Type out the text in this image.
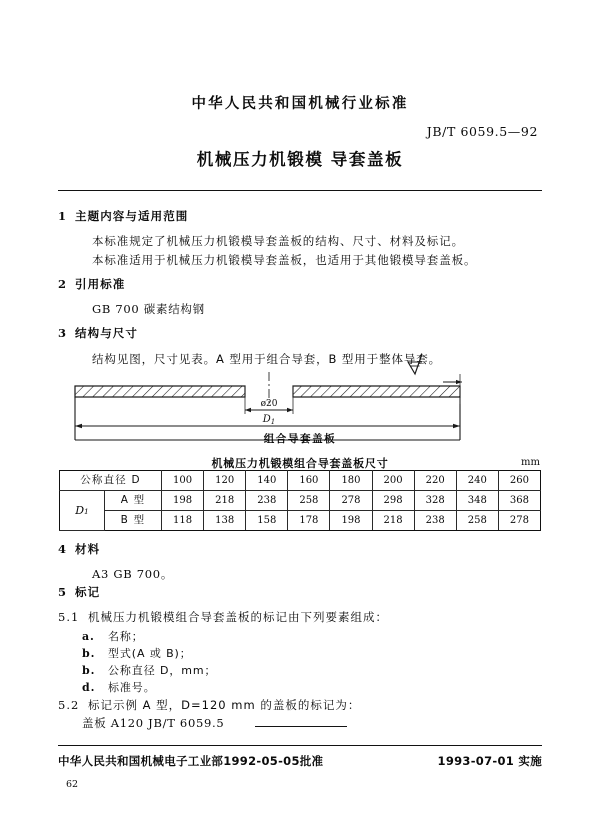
中华人民共和国机械行业标准
JB/T 6059.5—92
机械压力机锻模 导套盖板
1 主题内容与适用范围
本标准规定了机械压力机锻模导套盖板的结构、尺寸、材料及标记。
本标准适用于机械压力机锻模导套盖板，也适用于其他锻模导套盖板。
2 引用标准
GB 700 碳素结构钢
3 结构与尺寸
结构见图，尺寸见表。A 型用于组合导套，B 型用于整体导套。
ø20
$D_1$
组合导套盖板
机械压力机锻模组合导套盖板尺寸	mm
公称直径 D		100	120	140	160	180	200	220	240	260
D1	A 型	198	218	238	258	278	298	328	348	368
	B 型	118	138	158	178	198	218	238	258	278
4 材料
A3 GB 700。
5 标记
5.1 机械压力机锻模组合导套盖板的标记由下列要素组成：
a. 名称；
b. 型式(A 或 B)；
b. 公称直径 D，mm；
d. 标准号。
5.2 标记示例 A 型，D=120 mm 的盖板的标记为：
盖板 A120 JB/T 6059.5
中华人民共和国机械电子工业部1992-05-05批准	1993-07-01 实施
62
